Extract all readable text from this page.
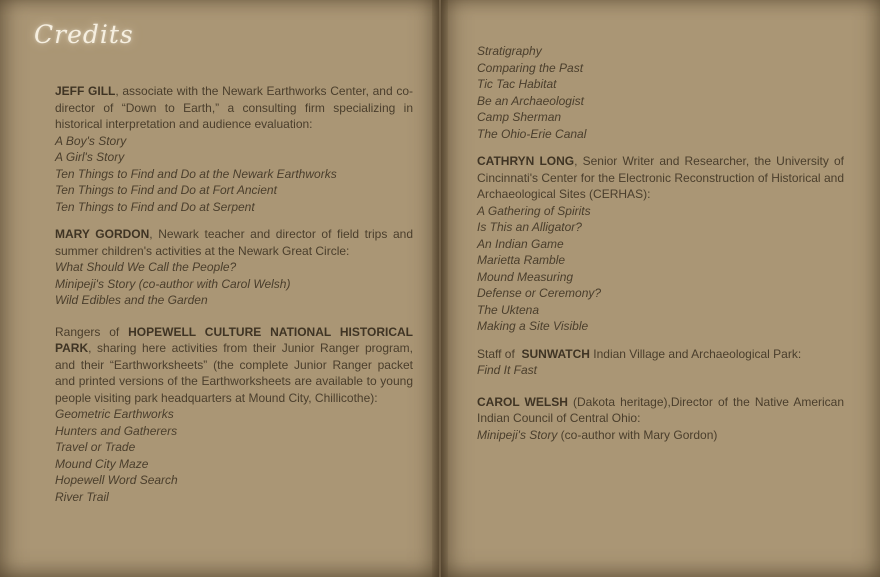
Credits
JEFF GILL, associate with the Newark Earthworks Center, and co-director of “Down to Earth,” a consulting firm specializing in historical interpretation and audience evaluation:
A Boy's Story
A Girl's Story
Ten Things to Find and Do at the Newark Earthworks
Ten Things to Find and Do at Fort Ancient
Ten Things to Find and Do at Serpent
MARY GORDON, Newark teacher and director of field trips and summer children's activities at the Newark Great Circle:
What Should We Call the People?
Minipeji's Story (co-author with Carol Welsh)
Wild Edibles and the Garden
Rangers of HOPEWELL CULTURE NATIONAL HISTORICAL PARK, sharing here activities from their Junior Ranger program, and their “Earthworksheets” (the complete Junior Ranger packet and printed versions of the Earthworksheets are available to young people visiting park headquarters at Mound City, Chillicothe):
Geometric Earthworks
Hunters and Gatherers
Travel or Trade
Mound City Maze
Hopewell Word Search
River Trail
Stratigraphy
Comparing the Past
Tic Tac Habitat
Be an Archaeologist
Camp Sherman
The Ohio-Erie Canal
CATHRYN LONG, Senior Writer and Researcher, the University of Cincinnati's Center for the Electronic Reconstruction of Historical and Archaeological Sites (CERHAS):
A Gathering of Spirits
Is This an Alligator?
An Indian Game
Marietta Ramble
Mound Measuring
Defense or Ceremony?
The Uktena
Making a Site Visible
Staff of  SUNWATCH Indian Village and Archaeological Park:
Find It Fast
CAROL WELSH (Dakota heritage),Director of the Native American Indian Council of Central Ohio:
Minipeji's Story (co-author with Mary Gordon)
